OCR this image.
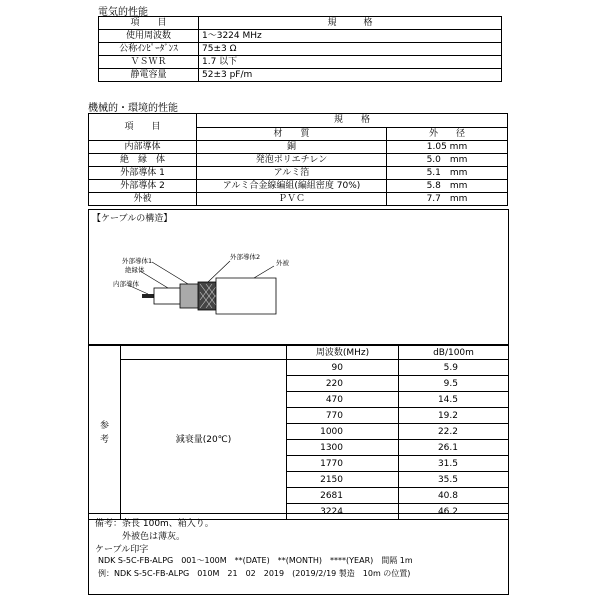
電気的性能
項　　目	規　　　格
使用周波数	1～3224 MHz
公称ｲﾝﾋﾟｰﾀﾞﾝｽ	75±3 Ω
ＶＳＷＲ	1.7 以下
静電容量	52±3 pF/m
機械的・環境的性能
項　　目	規　　格	
	材　　質	外　　径
内部導体	銅	1.05 mm
絶　縁　体	発泡ポリエチレン	5.0　mm
外部導体 1	アルミ箔	5.1　mm
外部導体 2	アルミ合金線編組(編組密度 70%)	5.8　mm
外被	ＰＶＣ	7.7　mm
【ケーブルの構造】
内部導体
絶縁体
外部導体1	外部導体2
外被
参
考		周波数(MHz)	dB/100m
	減衰量(20℃)	90	5.9
		220	9.5
		470	14.5
		770	19.2
		1000	22.2
		1300	26.1
		1770	31.5
		2150	35.5
		2681	40.8
		3224	46.2
備考：条長 100m、箱入り。
外被色は薄灰。
ケーブル印字
NDK S-5C-FB-ALPG　001～100M　**(DATE)　**(MONTH)　****(YEAR)　間隔 1m
例：NDK S-5C-FB-ALPG　010M　21　02　2019　(2019/2/19 製造　10m の位置)
